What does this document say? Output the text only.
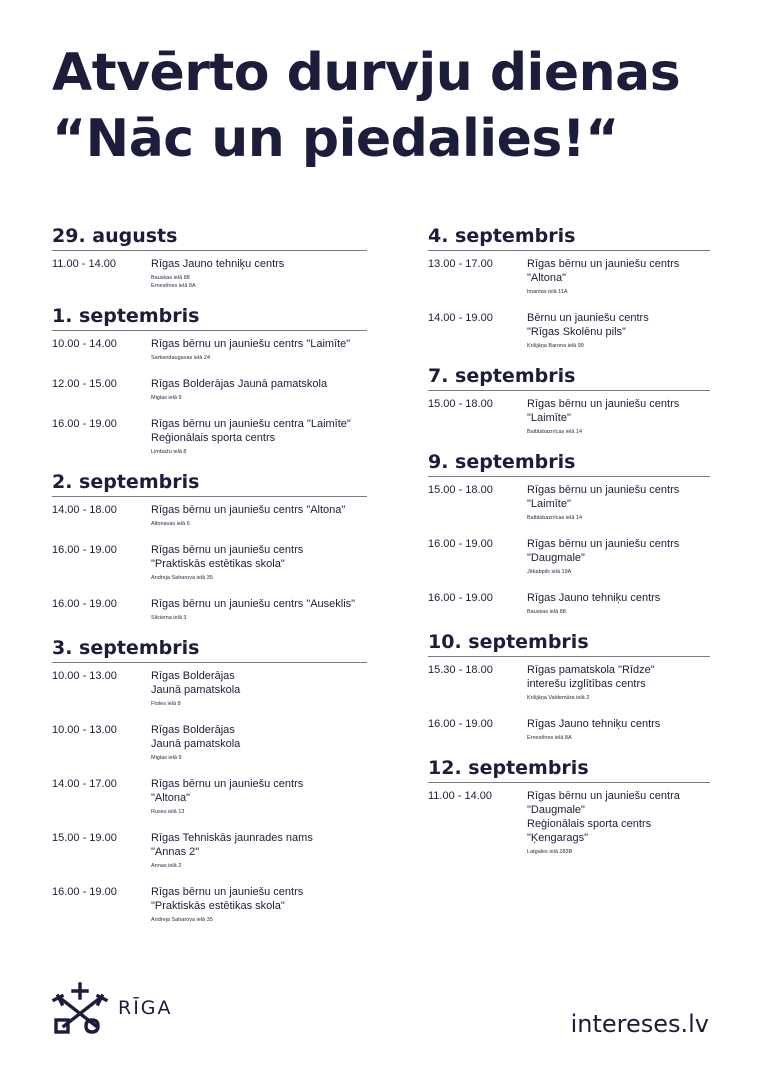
Atvērto durvju dienas
“Nāc un piedalies!“
29. augusts
11.00 - 14.00	Rīgas Jauno tehniķu centrs
Bauskas ielā 88
Ernestīnes ielā 8A
1. septembris
10.00 - 14.00	Rīgas bērnu un jauniešu centrs "Laimīte"
Sarkandaugavas ielā 24
12.00 - 15.00	Rīgas Bolderājas Jaunā pamatskola
Miglas ielā 9
16.00 - 19.00	Rīgas bērnu un jauniešu centra "Laimīte"
Reģionālais sporta centrs
Limbažu ielā 8
2. septembris
14.00 - 18.00	Rīgas bērnu un jauniešu centrs "Altona"
Altonavas ielā 6
16.00 - 19.00	Rīgas bērnu un jauniešu centrs
"Praktiskās estētikas skola"
Andreja Saharova ielā 35
16.00 - 19.00	Rīgas bērnu un jauniešu centrs "Auseklis"
Silciema ielā 3
3. septembris
10.00 - 13.00	Rīgas Bolderājas
Jaunā pamatskola
Flotes ielā 8
10.00 - 13.00	Rīgas Bolderājas
Jaunā pamatskola
Miglas ielā 9
14.00 - 17.00	Rīgas bērnu un jauniešu centrs
"Altona"
Ruses ielā 13
15.00 - 19.00	Rīgas Tehniskās jaunrades nams
"Annas 2"
Annas ielā 2
16.00 - 19.00	Rīgas bērnu un jauniešu centrs
"Praktiskās estētikas skola"
Andreja Saharova ielā 35
4. septembris
13.00 - 17.00	Rīgas bērnu un jauniešu centrs
"Altona"
Imantas ielā 11A
14.00 - 19.00	Bērnu un jauniešu centrs
"Rīgas Skolēnu pils"
Krišjāņa Barona ielā 99
7. septembris
15.00 - 18.00	Rīgas bērnu un jauniešu centrs
"Laimīte"
Baltāsbaznīcas ielā 14
9. septembris
15.00 - 18.00	Rīgas bērnu un jauniešu centrs
"Laimīte"
Baltāsbaznīcas ielā 14
16.00 - 19.00	Rīgas bērnu un jauniešu centrs
"Daugmale"
Jēkabpils ielā 19A
16.00 - 19.00	Rīgas Jauno tehniķu centrs
Bauskas ielā 88
10. septembris
15.30 - 18.00	Rīgas pamatskola "Rīdze"
interešu izglītības centrs
Krišjāņa Valdemāra ielā 2
16.00 - 19.00	Rīgas Jauno tehniķu centrs
Ernestīnes ielā 8A
12. septembris
11.00 - 14.00	Rīgas bērnu un jauniešu centra
"Daugmale"
Reģionālais sporta centrs
"Ķengarags"
Latgales ielā 283B
RĪGA
intereses.lv
